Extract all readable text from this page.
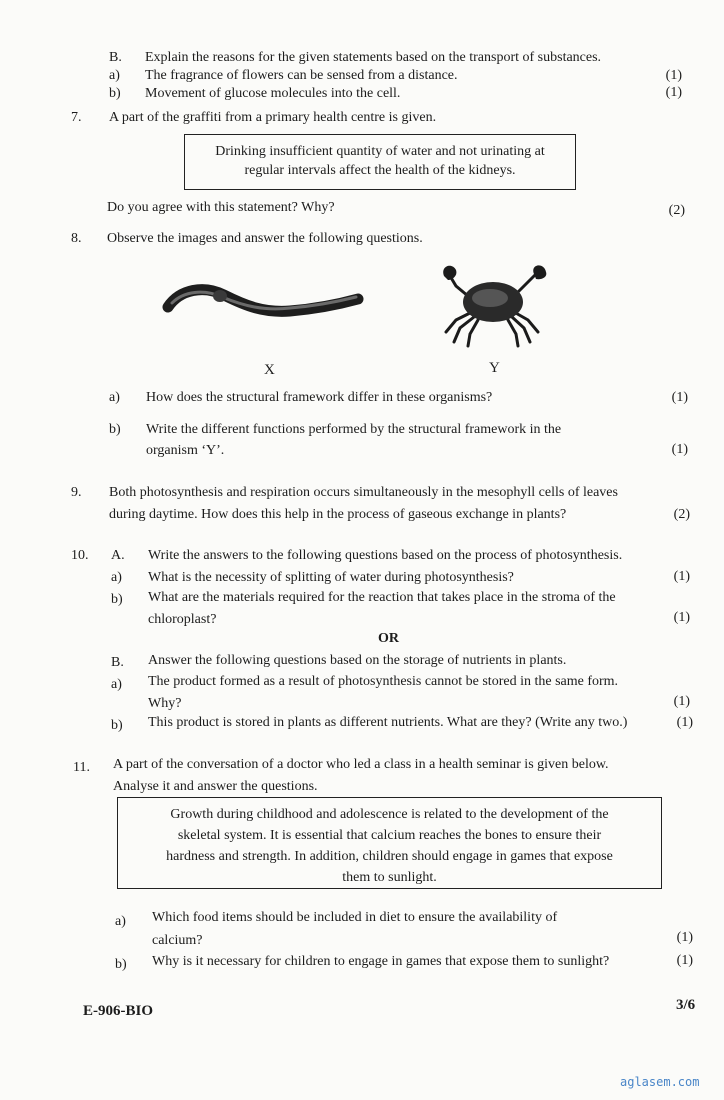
B. Explain the reasons for the given statements based on the transport of substances.
a) The fragrance of flowers can be sensed from a distance.	(1)
b) Movement of glucose molecules into the cell.	(1)
7. A part of the graffiti from a primary health centre is given.
Drinking insufficient quantity of water and not urinating at
regular intervals affect the health of the kidneys.
Do you agree with this statement? Why?	(2)
8. Observe the images and answer the following questions.
X	Y
a) How does the structural framework differ in these organisms?	(1)
b) Write the different functions performed by the structural framework in the
organism ‘Y’.	(1)
9. Both photosynthesis and respiration occurs simultaneously in the mesophyll cells of leaves
during daytime. How does this help in the process of gaseous exchange in plants?	(2)
10. A. Write the answers to the following questions based on the process of photosynthesis.
a) What is the necessity of splitting of water during photosynthesis?	(1)
b) What are the materials required for the reaction that takes place in the stroma of the
chloroplast?	(1)
OR
B. Answer the following questions based on the storage of nutrients in plants.
a) The product formed as a result of photosynthesis cannot be stored in the same form.
Why?	(1)
b) This product is stored in plants as different nutrients. What are they? (Write any two.)	(1)
11. A part of the conversation of a doctor who led a class in a health seminar is given below.
Analyse it and answer the questions.
Growth during childhood and adolescence is related to the development of the
skeletal system. It is essential that calcium reaches the bones to ensure their
hardness and strength. In addition, children should engage in games that expose
them to sunlight.
a) Which food items should be included in diet to ensure the availability of
calcium?	(1)
b) Why is it necessary for children to engage in games that expose them to sunlight?	(1)
E-906-BIO	3/6
aglasem.com
